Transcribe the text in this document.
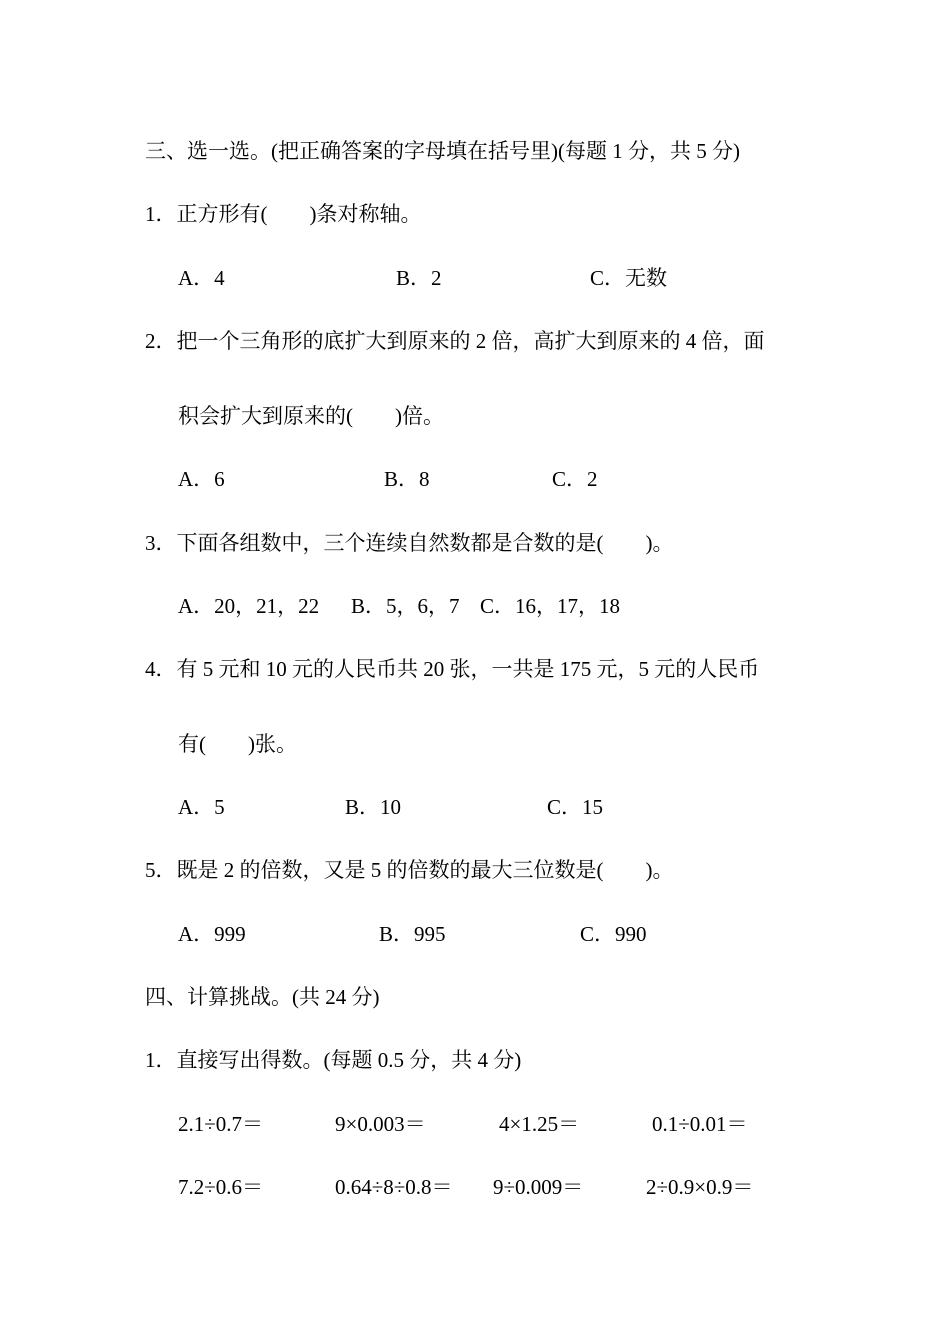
三、选一选。(把正确答案的字母填在括号里)(每题 1 分，共 5 分)
1．正方形有(　　)条对称轴。
A．4	B．2	C．无数
2．把一个三角形的底扩大到原来的 2 倍，高扩大到原来的 4 倍，面
积会扩大到原来的(　　)倍。
A．6	B．8	C．2
3．下面各组数中，三个连续自然数都是合数的是(　　)。
A．20，21，22 B．5，6，7 C．16，17，18
4．有 5 元和 10 元的人民币共 20 张，一共是 175 元，5 元的人民币
有(　　)张。
A．5	B．10	C．15
5．既是 2 的倍数，又是 5 的倍数的最大三位数是(　　)。
A．999	B．995	C．990
四、计算挑战。(共 24 分)
1．直接写出得数。(每题 0.5 分，共 4 分)
2.1÷0.7＝	9×0.003＝	4×1.25＝	0.1÷0.01＝
7.2÷0.6＝	0.64÷8÷0.8＝ 9÷0.009＝	2÷0.9×0.9＝
